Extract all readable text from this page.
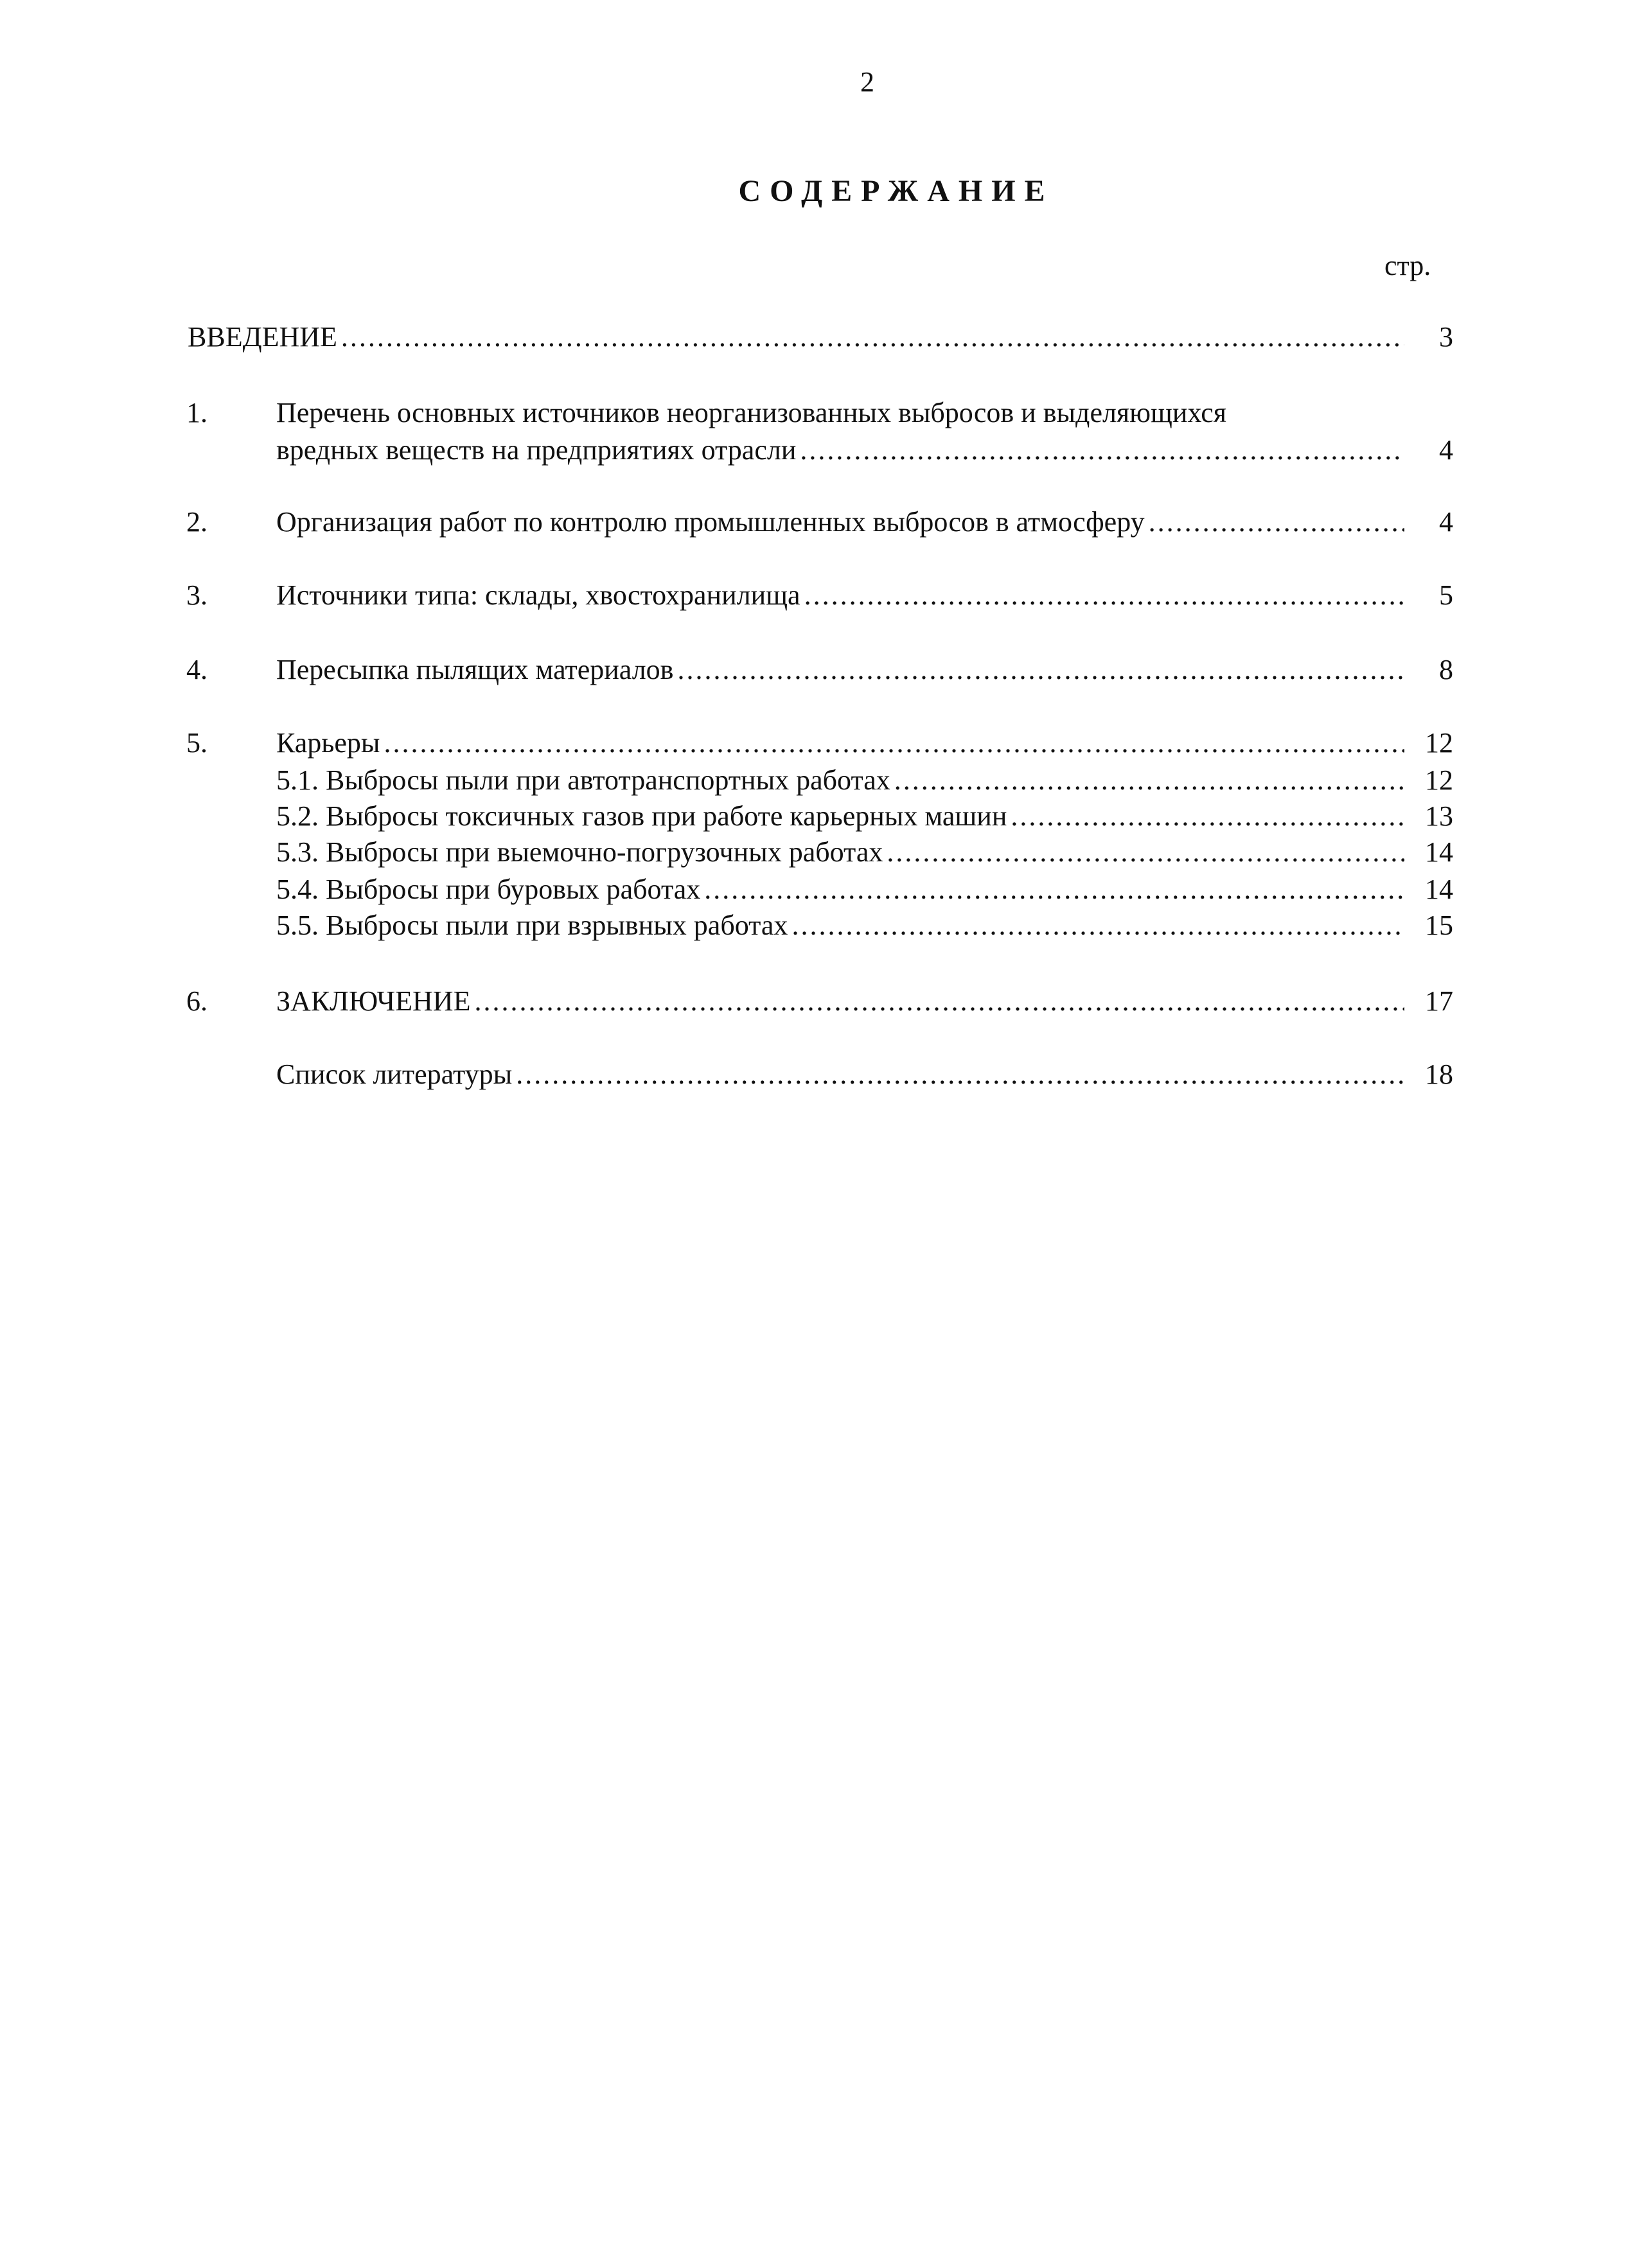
2
СОДЕРЖАНИЕ
стр.
ВВЕДЕНИЕ .....	3
1. Перечень основных источников неорганизованных выбросов и выделяющихся
вредных веществ на предприятиях отрасли .....	4
2. Организация работ по контролю промышленных выбросов в атмосферу .....	4
3. Источники типа: склады, хвостохранилища .....	5
4. Пересыпка пылящих материалов .....	8
5. Карьеры .....	12
5.1. Выбросы пыли при автотранспортных работах .....	12
5.2. Выбросы токсичных газов при работе карьерных машин .....	13
5.3. Выбросы при выемочно-погрузочных работах .....	14
5.4. Выбросы при буровых работах .....	14
5.5. Выбросы пыли при взрывных работах .....	15
6. ЗАКЛЮЧЕНИЕ .....	17
Список литературы .....	18
